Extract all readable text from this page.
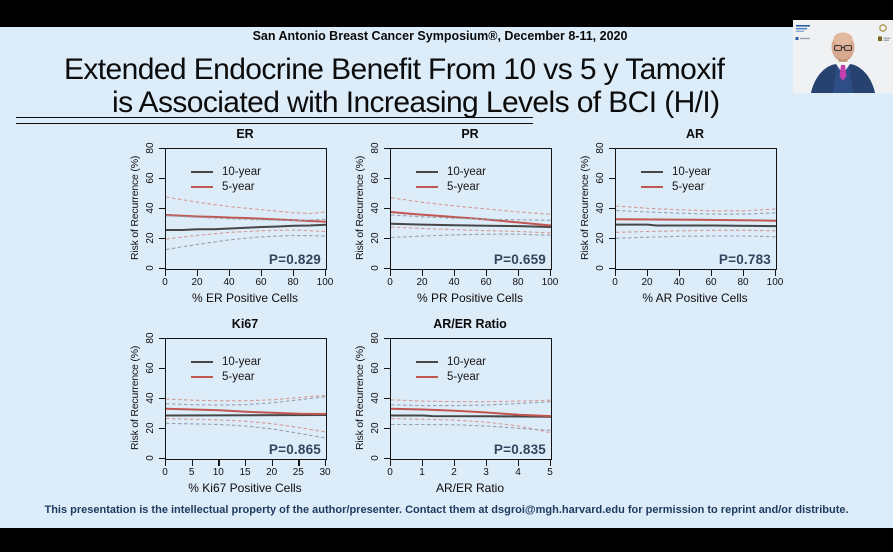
San Antonio Breast Cancer Symposium®, December 8-11, 2020
Extended Endocrine Benefit From 10 vs 5 y Tamoxif
is Associated with Increasing Levels of BCI (H/I)
ER
Risk of Recurrence (%)	10-year
5-year
P=0.829
% ER Positive Cells
0
20
40
60
80
0	20	40	60	80	100
PR
Risk of Recurrence (%)	10-year
5-year
P=0.659
% PR Positive Cells
0
20
40
60
80
0	20	40	60	80	100
AR
Risk of Recurrence (%)	10-year
5-year
P=0.783
% AR Positive Cells
0
20
40
60
80
0	20	40	60	80	100
Ki67
Risk of Recurrence (%)	10-year
5-year
P=0.865
% Ki67 Positive Cells
0
20
40
60
80
0	5	10	15	20	25	30
AR/ER Ratio
Risk of Recurrence (%)	10-year
5-year
P=0.835
AR/ER Ratio
0
20
40
60
80
0	1	2	3	4	5
This presentation is the intellectual property of the author/presenter. Contact them at dsgroi@mgh.harvard.edu for permission to reprint and/or distribute.
